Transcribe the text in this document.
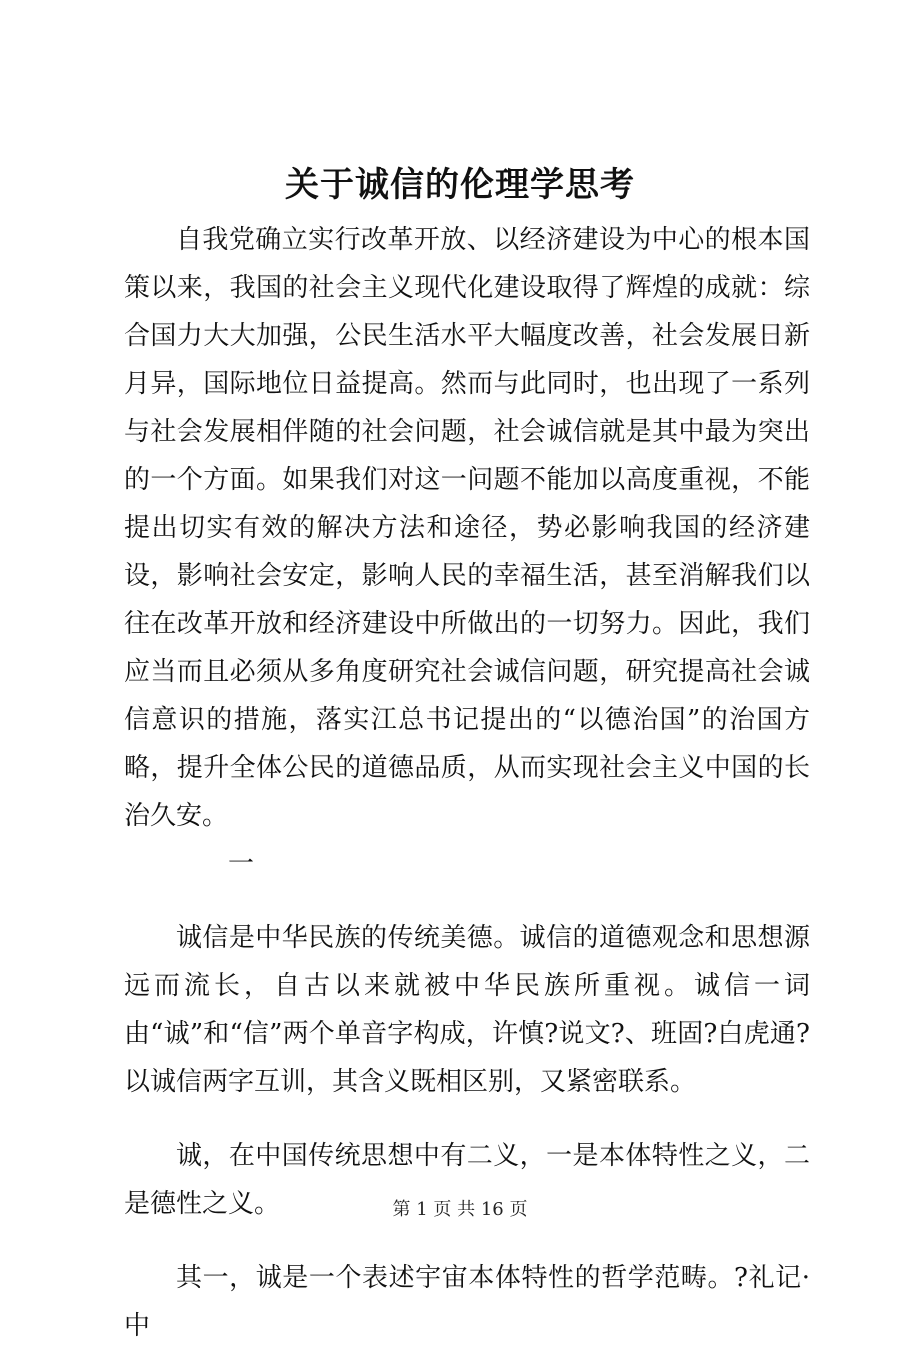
关于诚信的伦理学思考

自我党确立实行改革开放、以经济建设为中心的根本国策以来，我国的社会主义现代化建设取得了辉煌的成就：综合国力大大加强，公民生活水平大幅度改善，社会发展日新月异，国际地位日益提高。然而与此同时，也出现了一系列与社会发展相伴随的社会问题，社会诚信就是其中最为突出的一个方面。如果我们对这一问题不能加以高度重视，不能提出切实有效的解决方法和途径，势必影响我国的经济建设，影响社会安定，影响人民的幸福生活，甚至消解我们以往在改革开放和经济建设中所做出的一切努力。因此，我们应当而且必须从多角度研究社会诚信问题，研究提高社会诚信意识的措施，落实江总书记提出的“以德治国”的治国方略，提升全体公民的道德品质，从而实现社会主义中国的长治久安。

一

诚信是中华民族的传统美德。诚信的道德观念和思想源远而流长，自古以来就被中华民族所重视。诚信一词由“诚”和“信”两个单音字构成，许慎?说文?、班固?白虎通?以诚信两字互训，其含义既相区别，又紧密联系。

诚，在中国传统思想中有二义，一是本体特性之义，二是德性之义。

其一，诚是一个表述宇宙本体特性的哲学范畴。?礼记·中

第 1 页 共 16 页
